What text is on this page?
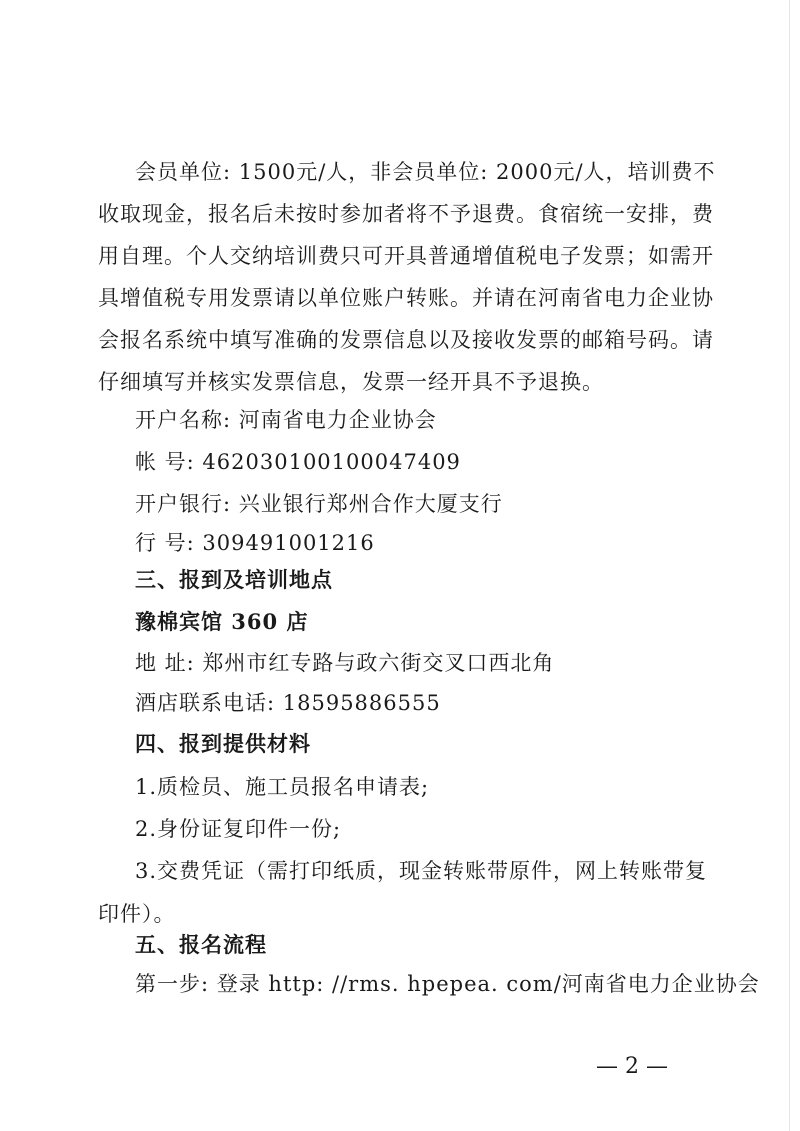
会员单位: 1500元/人，非会员单位: 2000元/人，培训费不
收取现金，报名后未按时参加者将不予退费。食宿统一安排，费
用自理。个人交纳培训费只可开具普通增值税电子发票；如需开
具增值税专用发票请以单位账户转账。并请在河南省电力企业协
会报名系统中填写准确的发票信息以及接收发票的邮箱号码。请
仔细填写并核实发票信息，发票一经开具不予退换。
开户名称: 河南省电力企业协会
帐 号: 462030100100047409
开户银行: 兴业银行郑州合作大厦支行
行 号: 309491001216
三、报到及培训地点
豫棉宾馆 360 店
地 址: 郑州市红专路与政六街交叉口西北角
酒店联系电话: 18595886555
四、报到提供材料
1.质检员、施工员报名申请表;
2.身份证复印件一份;
3.交费凭证（需打印纸质，现金转账带原件，网上转账带复
印件）。
五、报名流程
第一步: 登录 http: //rms. hpepea. com/河南省电力企业协会
— 2 —
